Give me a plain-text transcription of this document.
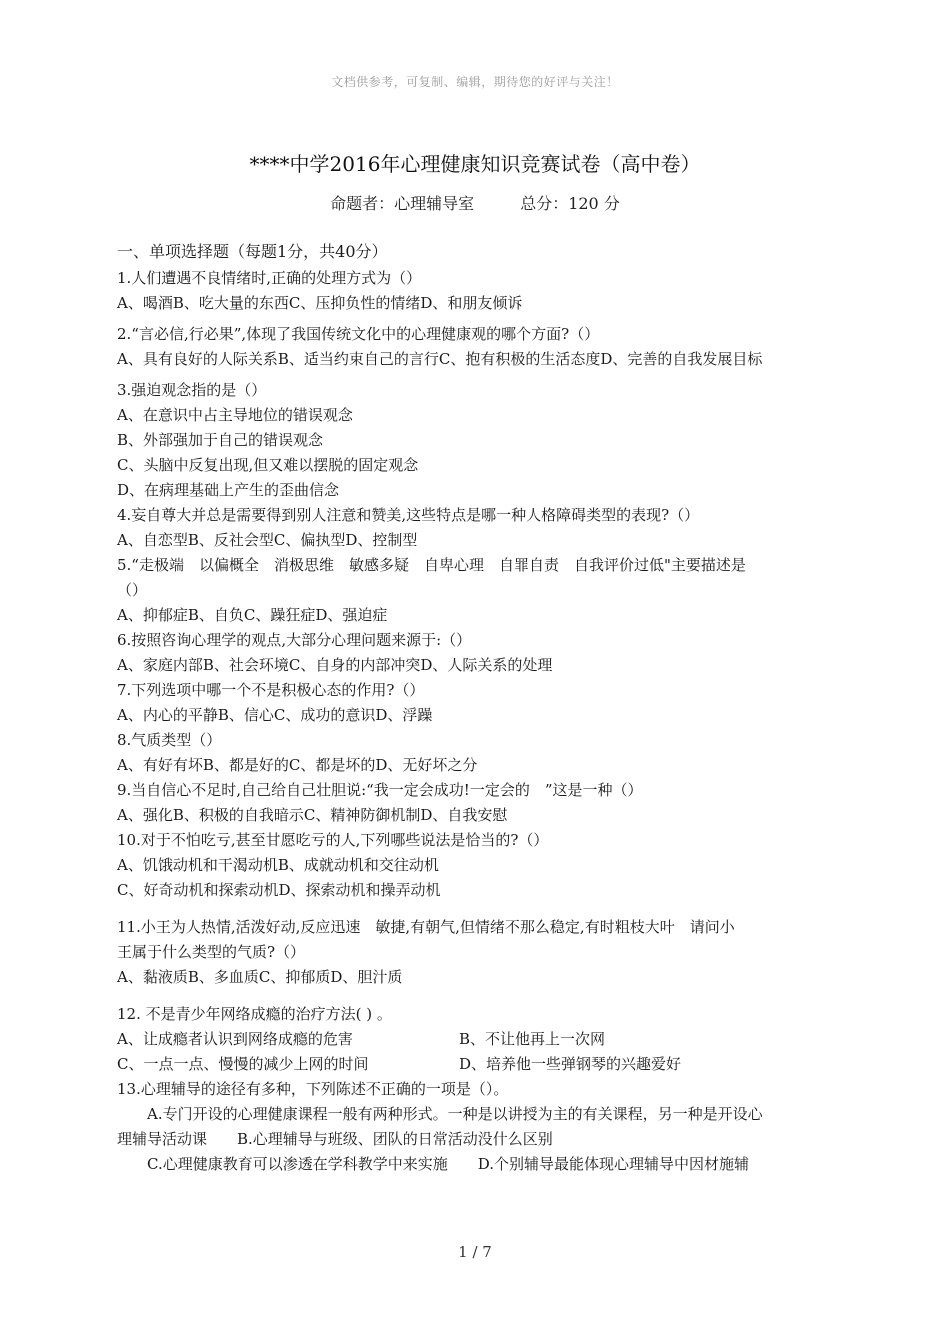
文档供参考，可复制、编辑，期待您的好评与关注！
****中学2016年心理健康知识竞赛试卷（高中卷）
命题者：心理辅导室	总分：120 分
一、单项选择题（每题1分，共40分）
1.人们遭遇不良情绪时,正确的处理方式为（）
A、喝酒B、吃大量的东西C、压抑负性的情绪D、和朋友倾诉
2.“言必信,行必果”,体现了我国传统文化中的心理健康观的哪个方面?（）
A、具有良好的人际关系B、适当约束自己的言行C、抱有积极的生活态度D、完善的自我发展目标
3.强迫观念指的是（）
A、在意识中占主导地位的错误观念
B、外部强加于自己的错误观念
C、头脑中反复出现,但又难以摆脱的固定观念
D、在病理基础上产生的歪曲信念
4.妄自尊大并总是需要得到别人注意和赞美,这些特点是哪一种人格障碍类型的表现?（）
A、自恋型B、反社会型C、偏执型D、控制型
5.“走极端　以偏概全　消极思维　敏感多疑　自卑心理　自罪自责　自我评价过低"主要描述是
（）
A、抑郁症B、自负C、躁狂症D、强迫症
6.按照咨询心理学的观点,大部分心理问题来源于:（）
A、家庭内部B、社会环境C、自身的内部冲突D、人际关系的处理
7.下列选项中哪一个不是积极心态的作用?（）
A、内心的平静B、信心C、成功的意识D、浮躁
8.气质类型（）
A、有好有坏B、都是好的C、都是坏的D、无好坏之分
9.当自信心不足时,自己给自己壮胆说:“我一定会成功!一定会的　”这是一种（）
A、强化B、积极的自我暗示C、精神防御机制D、自我安慰
10.对于不怕吃亏,甚至甘愿吃亏的人,下列哪些说法是恰当的?（）
A、饥饿动机和干渴动机B、成就动机和交往动机
C、好奇动机和探索动机D、探索动机和操弄动机
11.小王为人热情,活泼好动,反应迅速　敏捷,有朝气,但情绪不那么稳定,有时粗枝大叶　请问小
王属于什么类型的气质?（）
A、黏液质B、多血质C、抑郁质D、胆汁质
12. 不是青少年网络成瘾的治疗方法( ) 。
A、让成瘾者认识到网络成瘾的危害	B、不让他再上一次网
C、一点一点、慢慢的减少上网的时间	D、培养他一些弹钢琴的兴趣爱好
13.心理辅导的途径有多种，下列陈述不正确的一项是（）。
A.专门开设的心理健康课程一般有两种形式。一种是以讲授为主的有关课程，另一种是开设心
理辅导活动课　　B.心理辅导与班级、团队的日常活动没什么区别
C.心理健康教育可以渗透在学科教学中来实施　　D.个别辅导最能体现心理辅导中因材施辅
1 / 7
